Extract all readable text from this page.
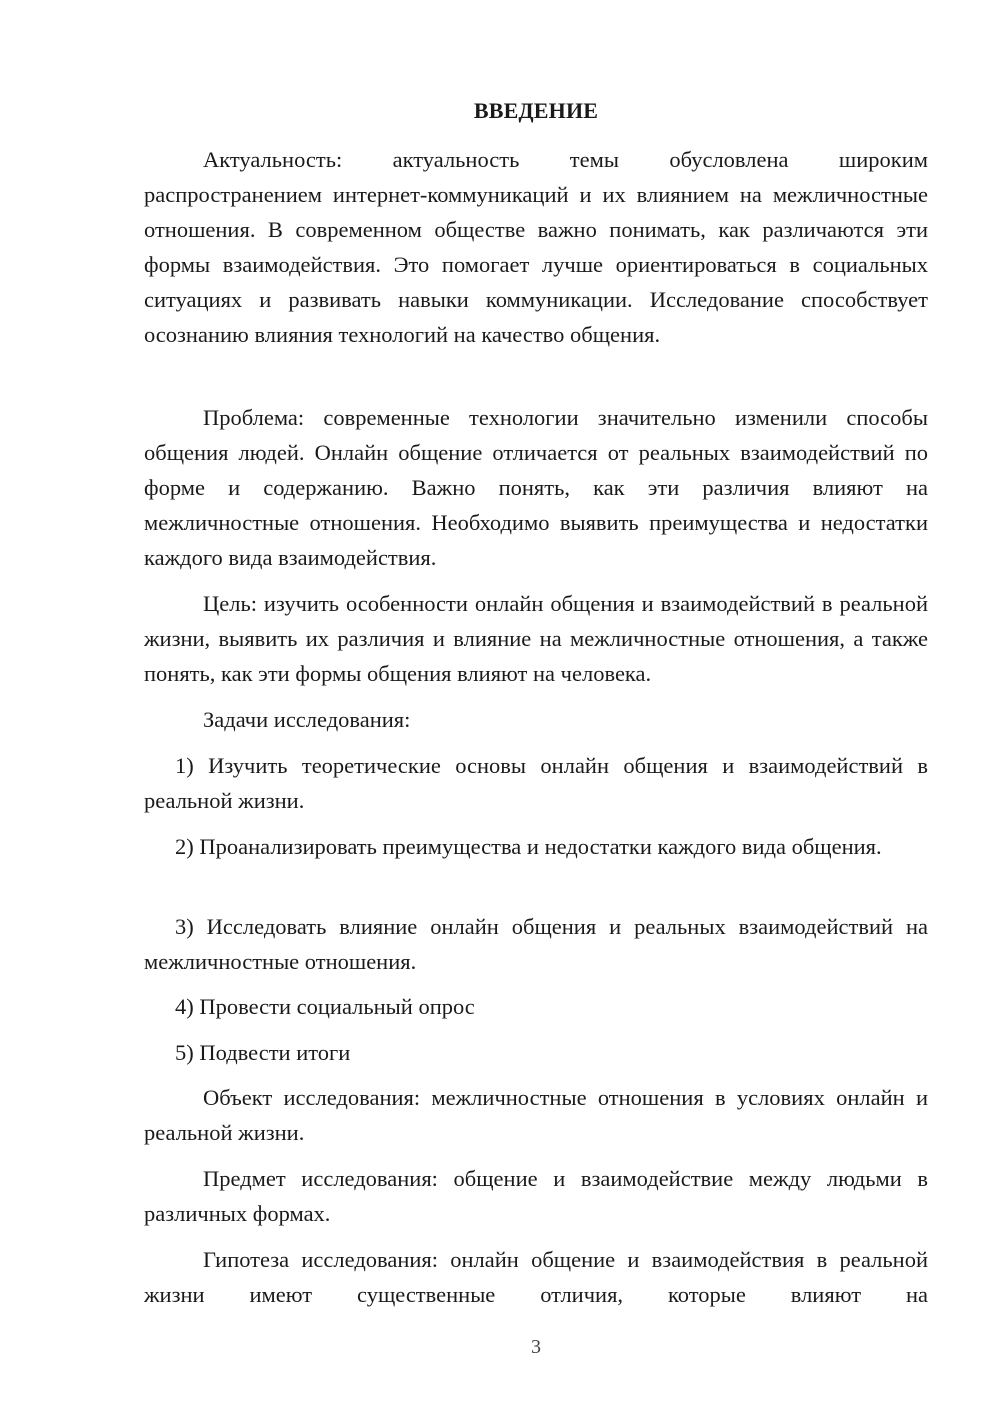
ВВЕДЕНИЕ

Актуальность: актуальность темы обусловлена широким распространением интернет-коммуникаций и их влиянием на межличностные отношения. В современном обществе важно понимать, как различаются эти формы взаимодействия. Это помогает лучше ориентироваться в социальных ситуациях и развивать навыки коммуникации. Исследование способствует осознанию влияния технологий на качество общения.

Проблема: современные технологии значительно изменили способы общения людей. Онлайн общение отличается от реальных взаимодействий по форме и содержанию. Важно понять, как эти различия влияют на межличностные отношения. Необходимо выявить преимущества и недостатки каждого вида взаимодействия.

Цель: изучить особенности онлайн общения и взаимодействий в реальной жизни, выявить их различия и влияние на межличностные отношения, а также понять, как эти формы общения влияют на человека.

Задачи исследования:

1) Изучить теоретические основы онлайн общения и взаимодействий в реальной жизни.

2) Проанализировать преимущества и недостатки каждого вида общения.

3) Исследовать влияние онлайн общения и реальных взаимодействий на межличностные отношения.

4) Провести социальный опрос

5) Подвести итоги

Объект исследования: межличностные отношения в условиях онлайн и реальной жизни.

Предмет исследования: общение и взаимодействие между людьми в различных формах.

Гипотеза исследования: онлайн общение и взаимодействия в реальной жизни имеют существенные отличия, которые влияют на

3
